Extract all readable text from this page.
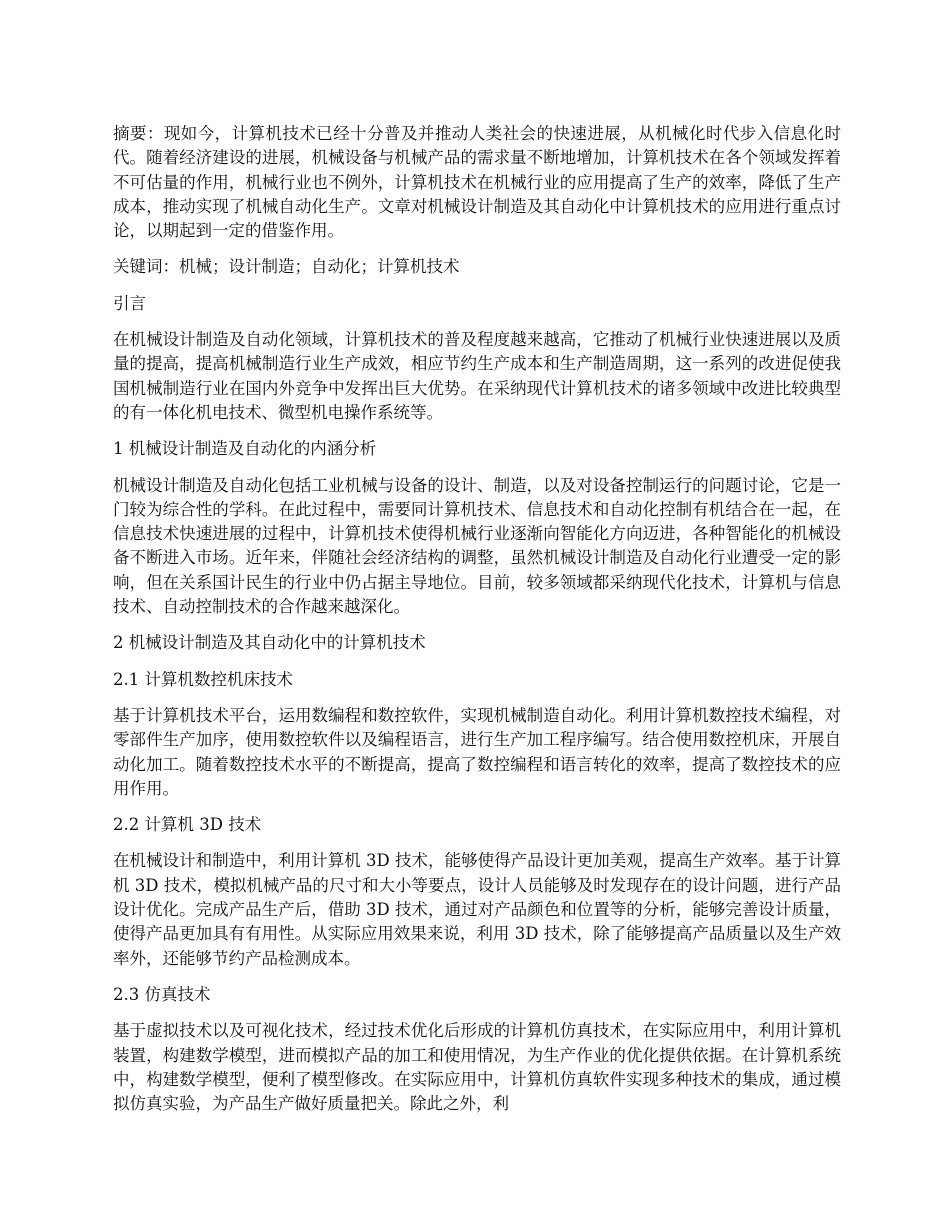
摘要：现如今，计算机技术已经十分普及并推动人类社会的快速进展，从机械化时代步入信息化时代。随着经济建设的进展，机械设备与机械产品的需求量不断地增加，计算机技术在各个领域发挥着不可估量的作用，机械行业也不例外，计算机技术在机械行业的应用提高了生产的效率，降低了生产成本，推动实现了机械自动化生产。文章对机械设计制造及其自动化中计算机技术的应用进行重点讨论，以期起到一定的借鉴作用。

关键词：机械；设计制造；自动化；计算机技术

引言

在机械设计制造及自动化领域，计算机技术的普及程度越来越高，它推动了机械行业快速进展以及质量的提高，提高机械制造行业生产成效，相应节约生产成本和生产制造周期，这一系列的改进促使我国机械制造行业在国内外竞争中发挥出巨大优势。在采纳现代计算机技术的诸多领域中改进比较典型的有一体化机电技术、微型机电操作系统等。

1 机械设计制造及自动化的内涵分析

机械设计制造及自动化包括工业机械与设备的设计、制造，以及对设备控制运行的问题讨论，它是一门较为综合性的学科。在此过程中，需要同计算机技术、信息技术和自动化控制有机结合在一起，在信息技术快速进展的过程中，计算机技术使得机械行业逐渐向智能化方向迈进，各种智能化的机械设备不断进入市场。近年来，伴随社会经济结构的调整，虽然机械设计制造及自动化行业遭受一定的影响，但在关系国计民生的行业中仍占据主导地位。目前，较多领域都采纳现代化技术，计算机与信息技术、自动控制技术的合作越来越深化。

2 机械设计制造及其自动化中的计算机技术

2.1 计算机数控机床技术

基于计算机技术平台，运用数编程和数控软件，实现机械制造自动化。利用计算机数控技术编程，对零部件生产加序，使用数控软件以及编程语言，进行生产加工程序编写。结合使用数控机床，开展自动化加工。随着数控技术水平的不断提高，提高了数控编程和语言转化的效率，提高了数控技术的应用作用。

2.2 计算机 3D 技术

在机械设计和制造中，利用计算机 3D 技术，能够使得产品设计更加美观，提高生产效率。基于计算机 3D 技术，模拟机械产品的尺寸和大小等要点，设计人员能够及时发现存在的设计问题，进行产品设计优化。完成产品生产后，借助 3D 技术，通过对产品颜色和位置等的分析，能够完善设计质量，使得产品更加具有有用性。从实际应用效果来说，利用 3D 技术，除了能够提高产品质量以及生产效率外，还能够节约产品检测成本。

2.3 仿真技术

基于虚拟技术以及可视化技术，经过技术优化后形成的计算机仿真技术，在实际应用中，利用计算机装置，构建数学模型，进而模拟产品的加工和使用情况，为生产作业的优化提供依据。在计算机系统中，构建数学模型，便利了模型修改。在实际应用中，计算机仿真软件实现多种技术的集成，通过模拟仿真实验，为产品生产做好质量把关。除此之外，利
